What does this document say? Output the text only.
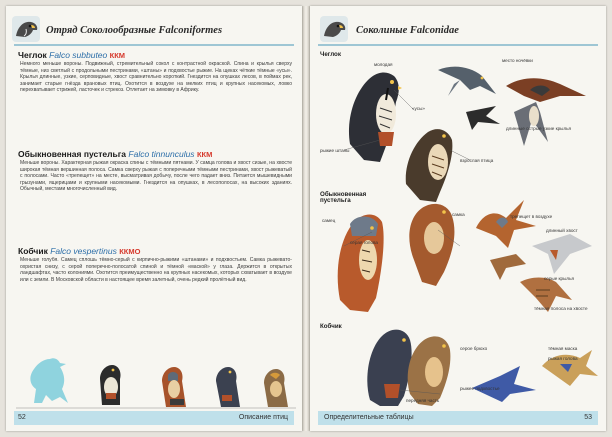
Отряд Соколообразные Falconiformes
Чеглок Falco subbuteo ККМ
Немного меньше вороны. Подвижный, стремительный сокол с контрастной окраской. Спина и крылья сверху тёмные, низ светлый с продольными пестринами, «штаны» и подхвостье рыжие. На щеках чёткие тёмные «усы». Крылья длинные, узкие, серповидные, хвост сравнительно короткий. Гнездится на опушках лесов, в поймах рек, занимает старые гнёзда врановых птиц. Охотится в воздухе на мелких птиц и крупных насекомых, ловко перехватывает стрижей, ласточек и стрекоз. Отлетает на зимовку в Африку.
Обыкновенная пустельга Falco tinnunculus ККМ
Меньше вороны. Характерная рыжая окраска спины с тёмными пятнами. У самца голова и хвост сизые, на хвосте широкая тёмная вершинная полоса. Самка сверху рыжая с поперечными тёмными пестринами, хвост рыжеватый с полосами. Часто «трепещет» на месте, высматривая добычу, после чего падает вниз. Питается мышевидными грызунами, ящерицами и крупными насекомыми. Гнездится на опушках, в лесополосах, на высоких зданиях. Обычный, местами многочисленный вид.
Кобчик Falco vespertinus ККМО
Меньше голубя. Самец сплошь тёмно-серый с кирпично-рыжими «штанами» и подхвостьем. Самка рыжевато-охристая снизу, с серой поперечно-полосатой спиной и тёмной «маской» у глаза. Держится в открытых ландшафтах, часто колониями. Охотится преимущественно на крупных насекомых, которых схватывает в воздухе или с земли. В Московской области в настоящее время залетный, очень редкий пролётный вид.
52	Описание птиц
Соколиные Falconidae
Чеглок
молодая
место ночёвки
«усы»
рыжие штаны
взрослая птица
длинные острые узкие крылья
Обыкновенная пустельга
самец
серая голова
самка	трепещет в воздухе
длинный хвост
серые крылья
тёмная полоса на хвосте
Кобчик
серое брюхо
рыжее подхвостье
тёмная маска
рыжая голова
передняя часть
Определительные таблицы	53
